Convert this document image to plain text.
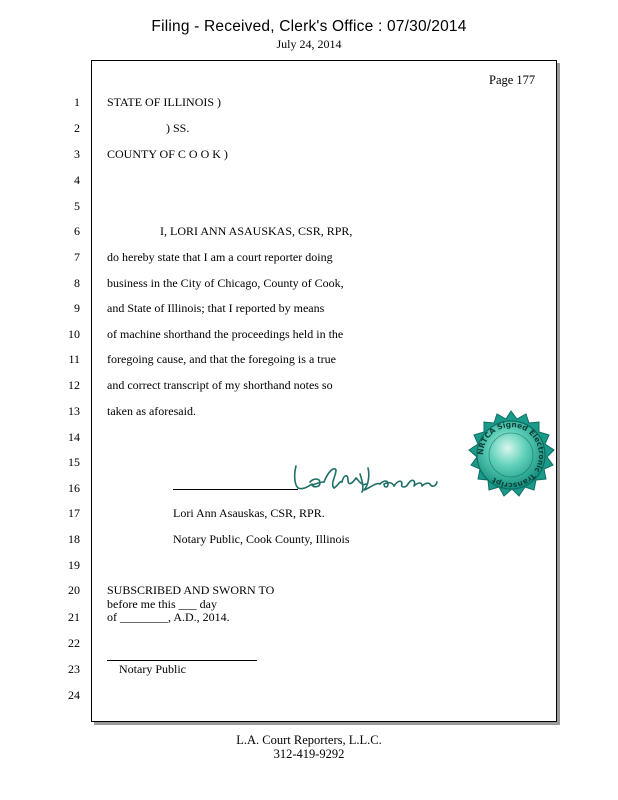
Filing - Received, Clerk's Office : 07/30/2014
July 24, 2014
Page 177
1
2
3
4
5
6
7
8
9
10
11
12
13
14
15
16
17
18
19
20
21
22
23
24
STATE OF ILLINOIS )
) SS.
COUNTY OF C O O K )
I, LORI ANN ASAUSKAS, CSR, RPR,
do hereby state that I am a court reporter doing
business in the City of Chicago, County of Cook,
and State of Illinois; that I reported by means
of machine shorthand the proceedings held in the
foregoing cause, and that the foregoing is a true
and correct transcript of my shorthand notes so
taken as aforesaid.
Lori Ann Asauskas
Lori Ann Asauskas, CSR, RPR.
Notary Public, Cook County, Illinois
SUBSCRIBED AND SWORN TO
before me this ___ day
of ________, A.D., 2014.
Notary Public
NRTCA Signed Electronic Transcript
L.A. Court Reporters, L.L.C.
312-419-9292
